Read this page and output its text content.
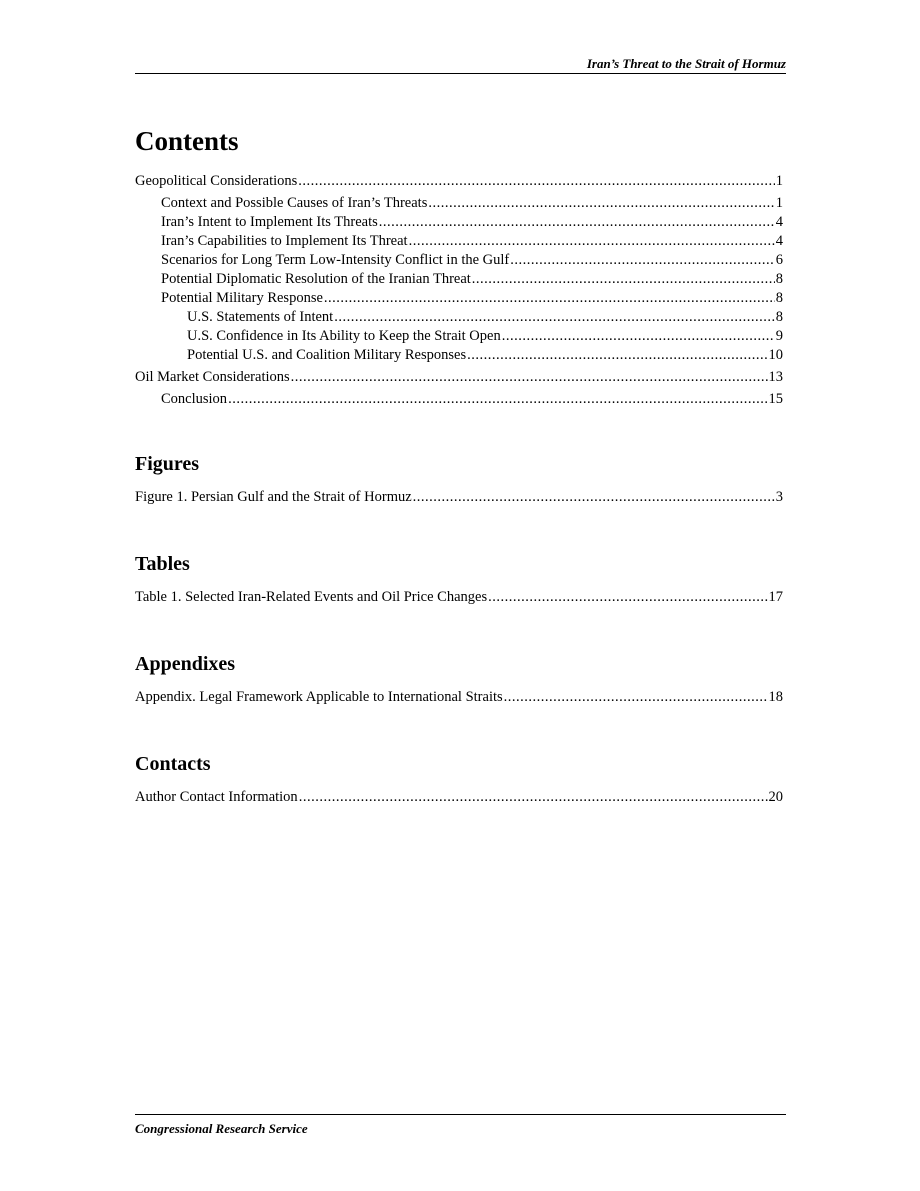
Iran’s Threat to the Strait of Hormuz
Contents
Geopolitical Considerations .....	1
Context and Possible Causes of Iran’s Threats .....	1
Iran’s Intent to Implement Its Threats .....	4
Iran’s Capabilities to Implement Its Threat .....	4
Scenarios for Long Term Low-Intensity Conflict in the Gulf .....	6
Potential Diplomatic Resolution of the Iranian Threat .....	8
Potential Military Response .....	8
U.S. Statements of Intent .....	8
U.S. Confidence in Its Ability to Keep the Strait Open .....	9
Potential U.S. and Coalition Military Responses .....	10
Oil Market Considerations .....	13
Conclusion .....	15
Figures
Figure 1. Persian Gulf and the Strait of Hormuz .....	3
Tables
Table 1. Selected Iran-Related Events and Oil Price Changes .....	17
Appendixes
Appendix. Legal Framework Applicable to International Straits .....	18
Contacts
Author Contact Information .....	20
Congressional Research Service
